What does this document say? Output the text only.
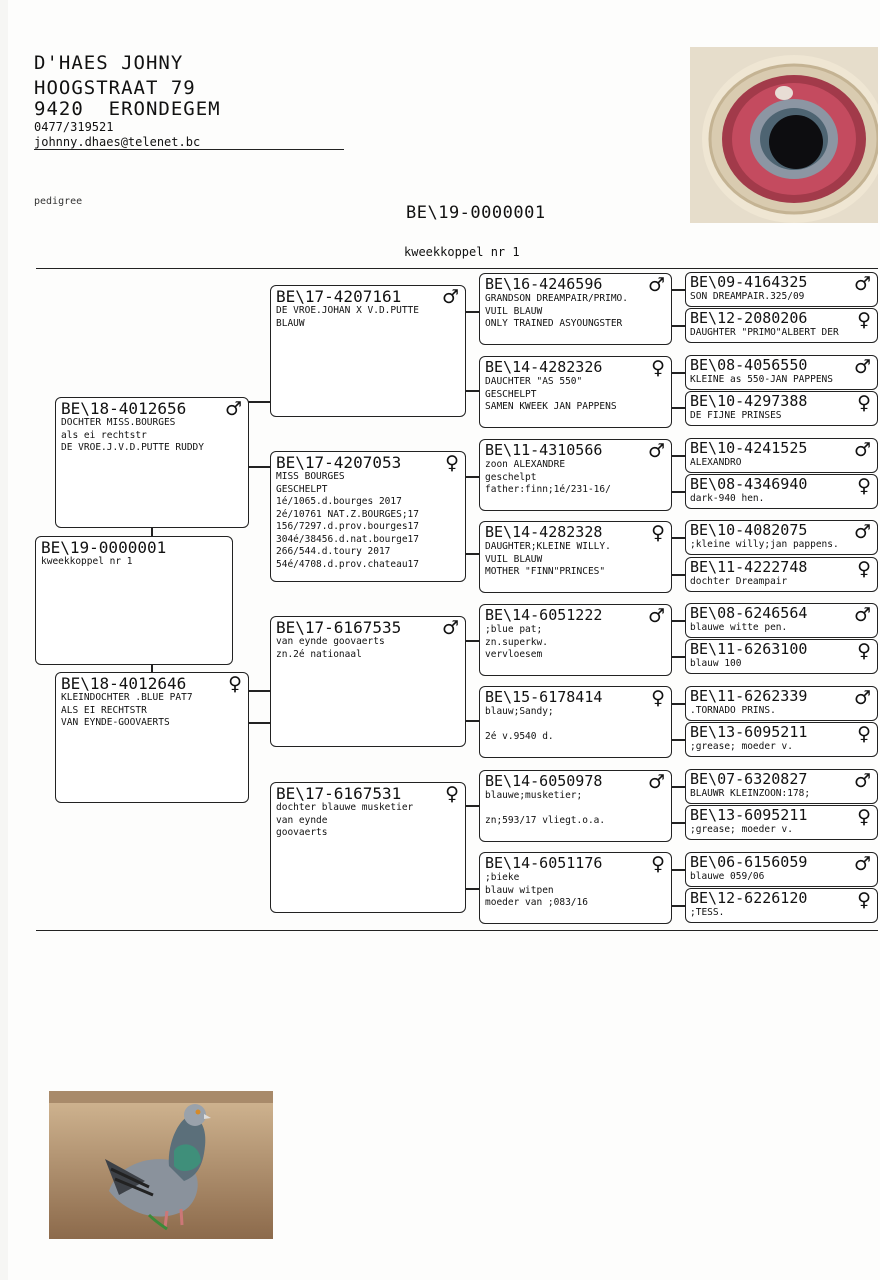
D'HAES JOHNY
HOOGSTRAAT 79
9420  ERONDEGEM
0477/319521
johnny.dhaes@telenet.bc
pedigree
BE\19-0000001
kweekkoppel nr 1
BE\19-0000001
kweekkoppel nr 1
BE\18-4012656	♂
DOCHTER MISS.BOURGES
als ei rechtstr
DE VROE.J.V.D.PUTTE RUDDY
BE\18-4012646	♀
KLEINDOCHTER .BLUE PAT7
ALS EI RECHTSTR
VAN EYNDE-GOOVAERTS
BE\17-4207161	♂
DE VROE.JOHAN X V.D.PUTTE
BLAUW
BE\17-4207053	♀
MISS BOURGES
GESCHELPT
1é/1065.d.bourges 2017
2é/10761 NAT.Z.BOURGES;17
156/7297.d.prov.bourges17
304é/38456.d.nat.bourge17
266/544.d.toury 2017
54é/4708.d.prov.chateau17
BE\17-6167535	♂
van eynde goovaerts
zn.2é nationaal
BE\17-6167531	♀
dochter blauwe musketier
van eynde
goovaerts
BE\16-4246596	♂
GRANDSON DREAMPAIR/PRIMO.
VUIL BLAUW
ONLY TRAINED ASYOUNGSTER
BE\14-4282326	♀
DAUCHTER "AS 550"
GESCHELPT
SAMEN KWEEK JAN PAPPENS
BE\11-4310566	♂
zoon ALEXANDRE
geschelpt
father:finn;1é/231-16/
BE\14-4282328	♀
DAUGHTER;KLEINE WILLY.
VUIL BLAUW
MOTHER "FINN"PRINCES"
BE\14-6051222	♂
;blue pat;
zn.superkw.
vervloesem
BE\15-6178414	♀
blauw;Sandy;
2é v.9540 d.
BE\14-6050978	♂
blauwe;musketier;
zn;593/17 vliegt.o.a.
BE\14-6051176	♀
;bieke
blauw witpen
moeder van ;083/16
BE\09-4164325	♂
SON DREAMPAIR.325/09
BE\12-2080206	♀
DAUGHTER "PRIMO"ALBERT DER
BE\08-4056550	♂
KLEINE as 550-JAN PAPPENS
BE\10-4297388	♀
DE FIJNE PRINSES
BE\10-4241525	♂
ALEXANDRO
BE\08-4346940	♀
dark-940 hen.
BE\10-4082075	♂
;kleine willy;jan pappens.
BE\11-4222748	♀
dochter Dreampair
BE\08-6246564	♂
blauwe witte pen.
BE\11-6263100	♀
blauw 100
BE\11-6262339	♂
.TORNADO PRINS.
BE\13-6095211	♀
;grease; moeder v.
BE\07-6320827	♂
BLAUWR KLEINZOON:178;
BE\13-6095211	♀
;grease; moeder v.
BE\06-6156059	♂
blauwe 059/06
BE\12-6226120	♀
;TESS.
